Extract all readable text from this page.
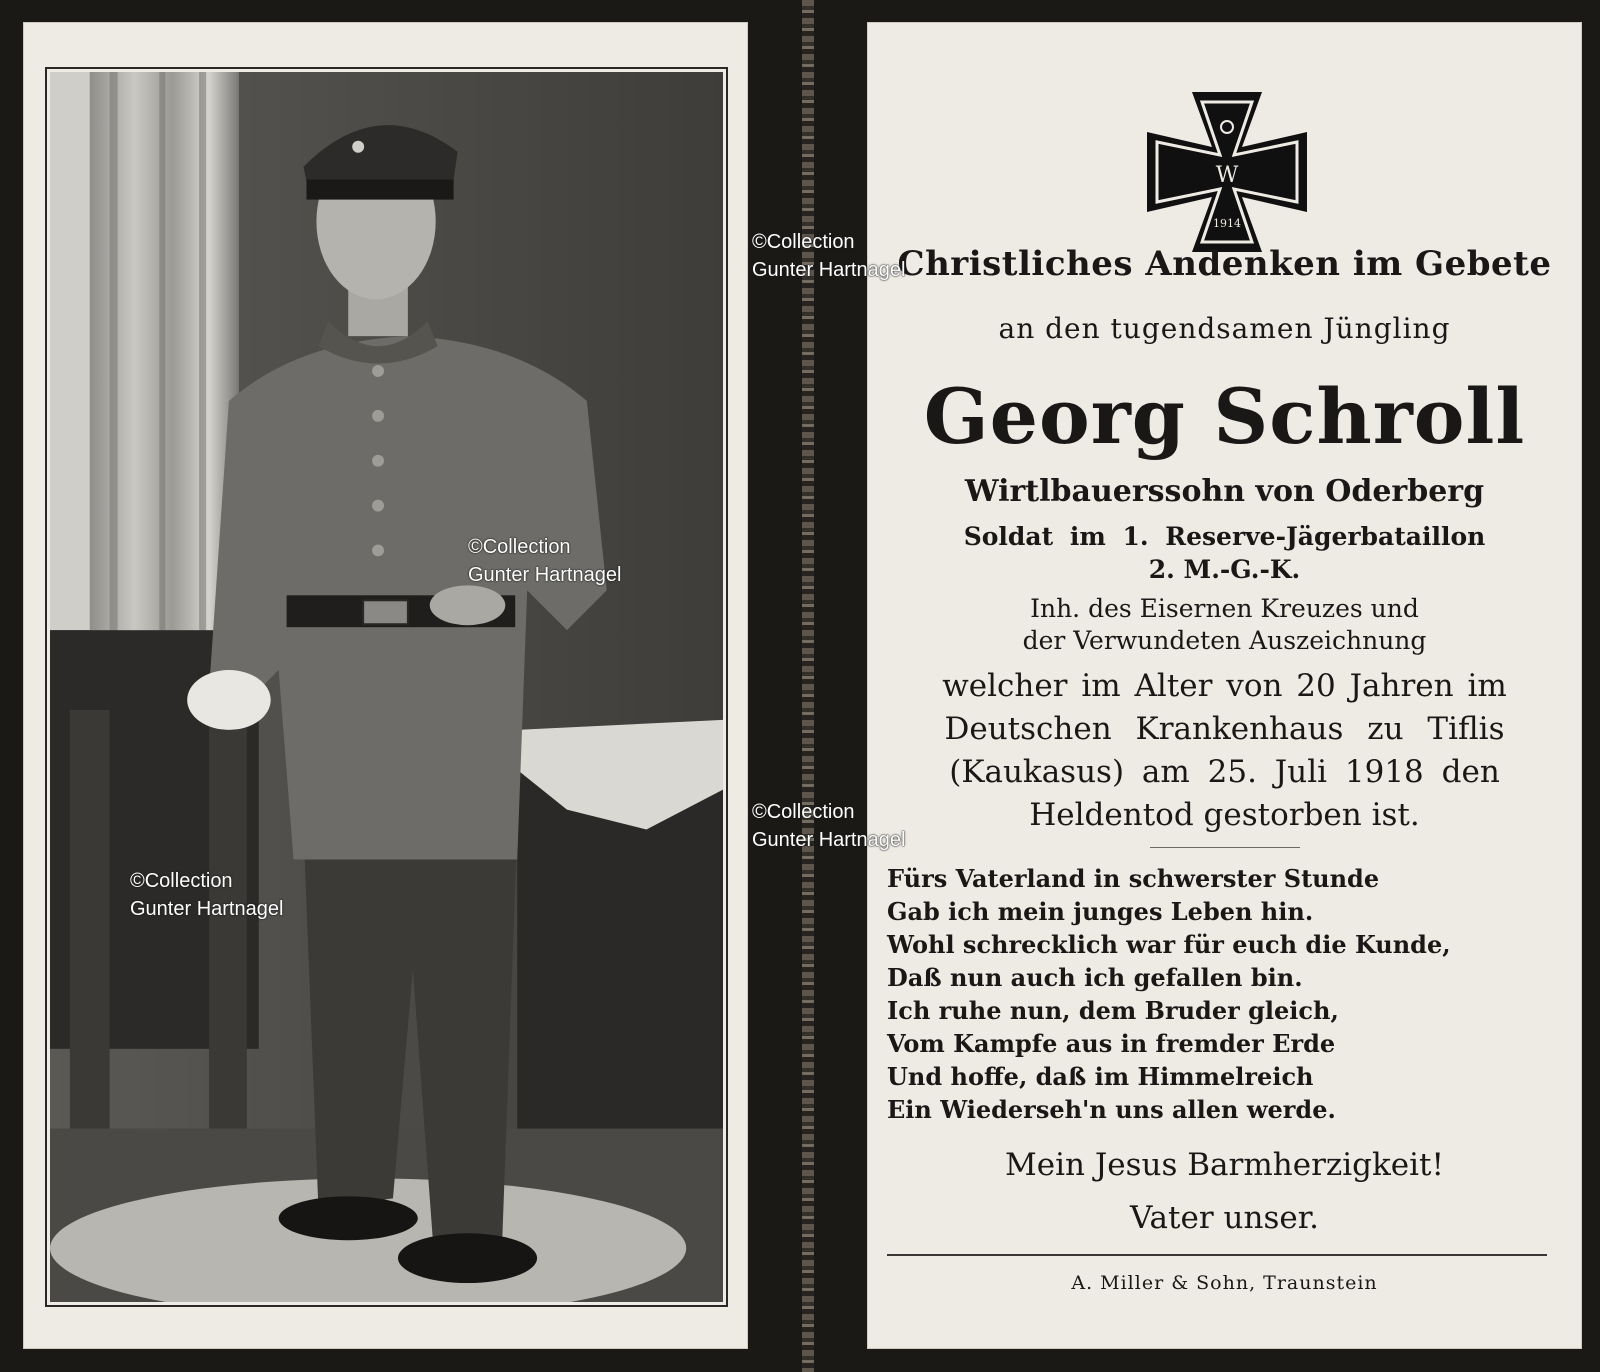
W
1914

Christliches Andenken im Gebete

an den tugendsamen Jüngling

Georg Schroll

Wirtlbauerssohn von Oderberg

Soldat im 1. Reserve-Jägerbataillon

2. M.-G.-K.

Inh. des Eisernen Kreuzes und

der Verwundeten Auszeichnung

welcher im Alter von 20 Jahren im

Deutschen Krankenhaus zu Tiflis

(Kaukasus) am 25. Juli 1918 den

Heldentod gestorben ist.

Fürs Vaterland in schwerster Stunde

Gab ich mein junges Leben hin.

Wohl schrecklich war für euch die Kunde,

Daß nun auch ich gefallen bin.

Ich ruhe nun, dem Bruder gleich,

Vom Kampfe aus in fremder Erde

Und hoffe, daß im Himmelreich

Ein Wiederseh'n uns allen werde.

Mein Jesus Barmherzigkeit!

Vater unser.

A. Miller & Sohn, Traunstein

©Collection
Gunter Hartnagel
©Collection
Gunter Hartnagel
©Collection
Gunter Hartnagel
©Collection
Gunter Hartnagel
